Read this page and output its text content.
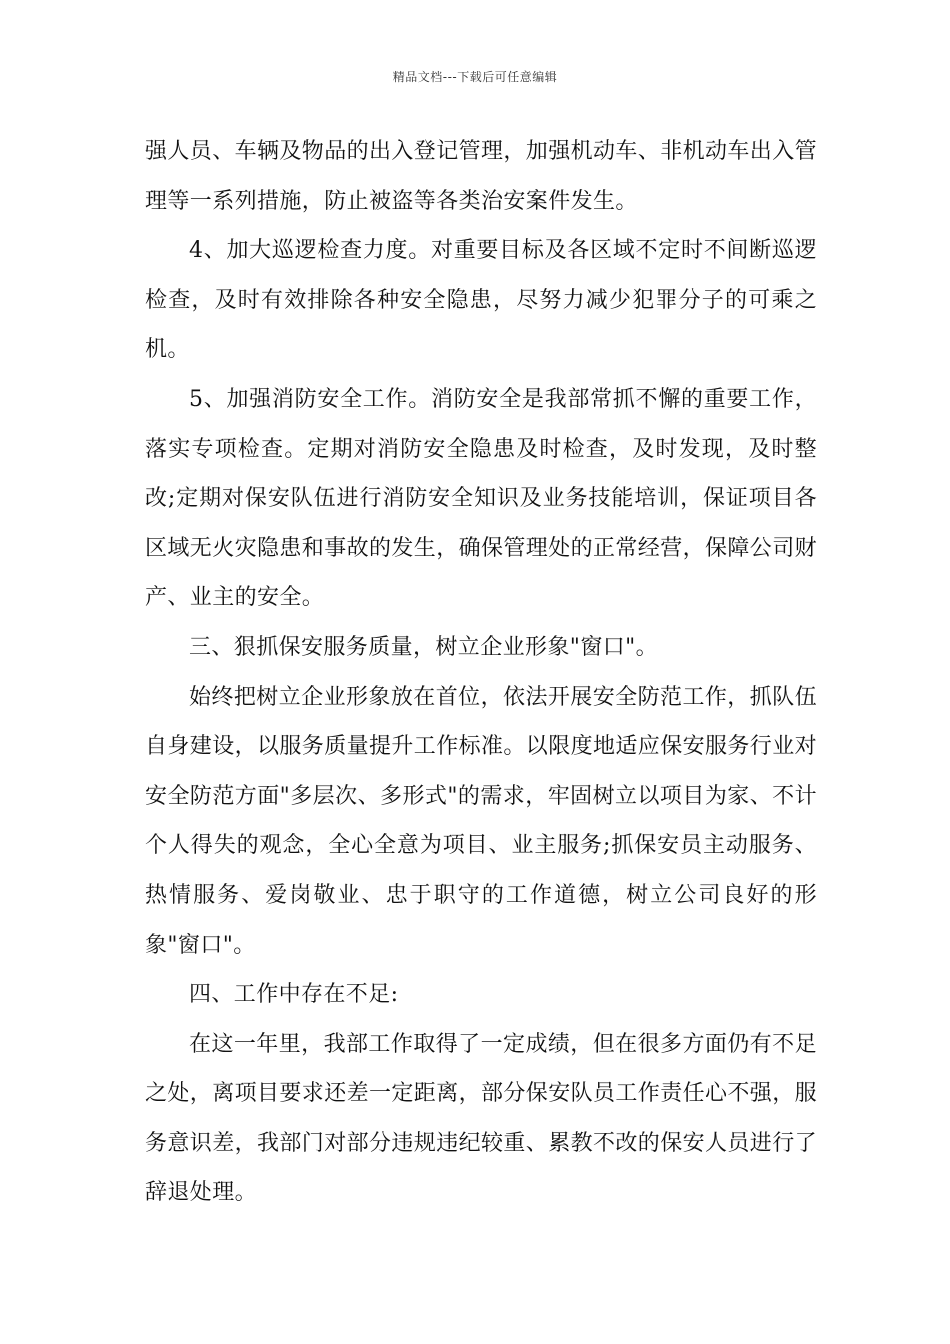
精品文档---下载后可任意编辑

强人员、车辆及物品的出入登记管理，加强机动车、非机动车出入管理等一系列措施，防止被盗等各类治安案件发生。

4、加大巡逻检查力度。对重要目标及各区域不定时不间断巡逻检查，及时有效排除各种安全隐患，尽努力减少犯罪分子的可乘之机。

5、加强消防安全工作。消防安全是我部常抓不懈的重要工作，落实专项检查。定期对消防安全隐患及时检查，及时发现，及时整改;定期对保安队伍进行消防安全知识及业务技能培训，保证项目各区域无火灾隐患和事故的发生，确保管理处的正常经营，保障公司财产、业主的安全。

三、狠抓保安服务质量，树立企业形象"窗口"。

始终把树立企业形象放在首位，依法开展安全防范工作，抓队伍自身建设，以服务质量提升工作标准。以限度地适应保安服务行业对安全防范方面"多层次、多形式"的需求，牢固树立以项目为家、不计个人得失的观念，全心全意为项目、业主服务;抓保安员主动服务、热情服务、爱岗敬业、忠于职守的工作道德，树立公司良好的形象"窗口"。

四、工作中存在不足:

在这一年里，我部工作取得了一定成绩，但在很多方面仍有不足之处，离项目要求还差一定距离，部分保安队员工作责任心不强，服务意识差，我部门对部分违规违纪较重、累教不改的保安人员进行了辞退处理。
